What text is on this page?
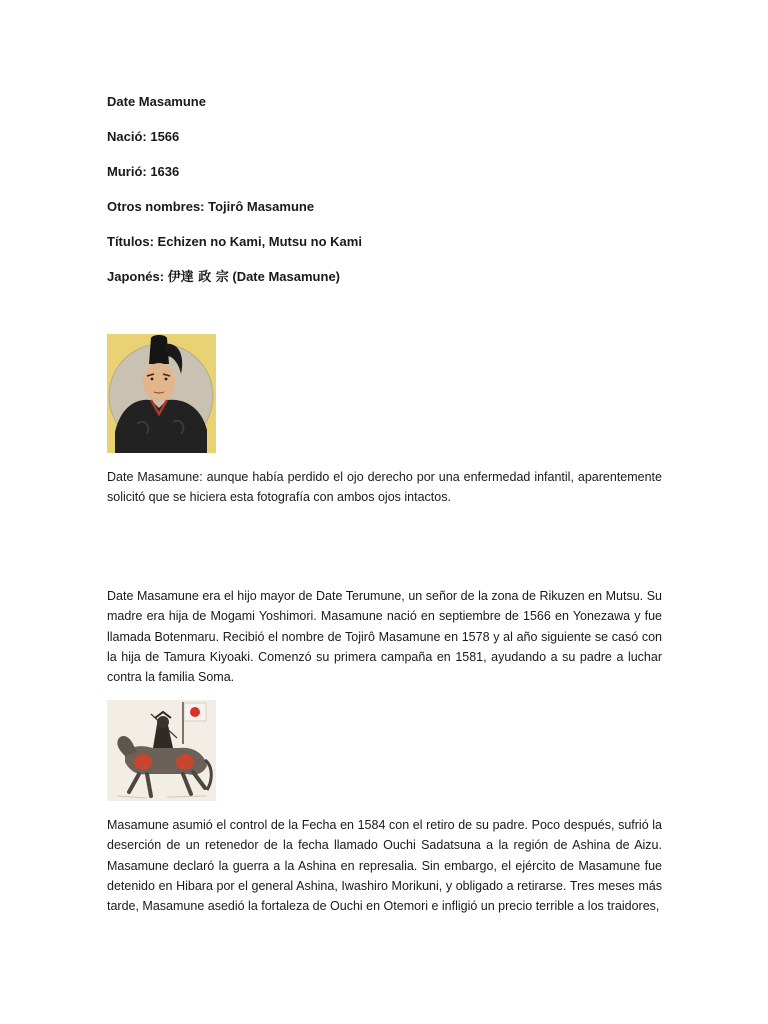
Date Masamune
Nació: 1566
Murió: 1636
Otros nombres: Tojirô Masamune
Títulos: Echizen no Kami, Mutsu no Kami
Japonés: 伊達 政 宗 (Date Masamune)

Date Masamune: aunque había perdido el ojo derecho por una enfermedad infantil, aparentemente solicitó que se hiciera esta fotografía con ambos ojos intactos.

Date Masamune era el hijo mayor de Date Terumune, un señor de la zona de Rikuzen en Mutsu. Su madre era hija de Mogami Yoshimori. Masamune nació en septiembre de 1566 en Yonezawa y fue llamada Botenmaru. Recibió el nombre de Tojirô Masamune en 1578 y al año siguiente se casó con la hija de Tamura Kiyoaki. Comenzó su primera campaña en 1581, ayudando a su padre a luchar contra la familia Soma.

Masamune asumió el control de la Fecha en 1584 con el retiro de su padre. Poco después, sufrió la deserción de un retenedor de la fecha llamado Ouchi Sadatsuna a la región de Ashina de Aizu. Masamune declaró la guerra a la Ashina en represalia. Sin embargo, el ejército de Masamune fue detenido en Hibara por el general Ashina, Iwashiro Morikuni, y obligado a retirarse. Tres meses más tarde, Masamune asedió la fortaleza de Ouchi en Otemori e infligió un precio terrible a los traidores,
